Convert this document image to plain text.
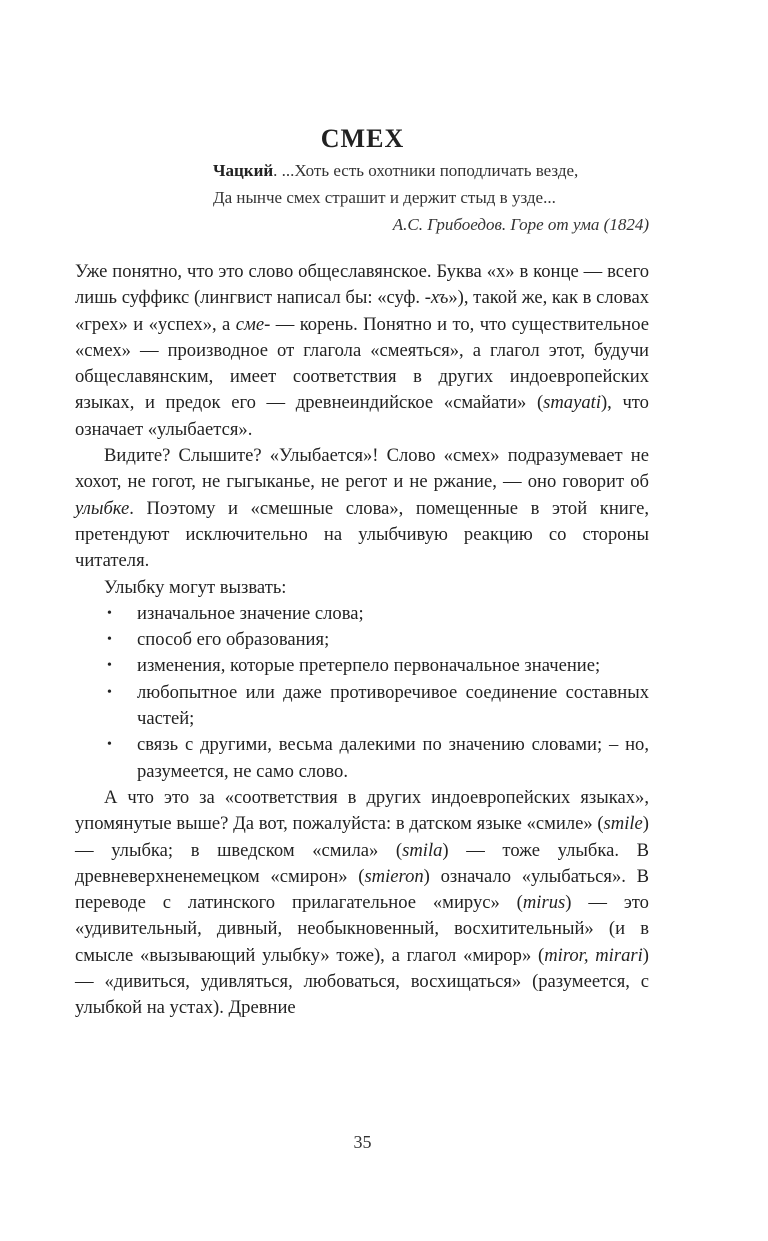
СМЕХ
Чацкий. ...Хоть есть охотники поподличать везде,
Да нынче смех страшит и держит стыд в узде...
А.С. Грибоедов. Горе от ума (1824)

Уже понятно, что это слово общеславянское. Буква «х» в конце — всего лишь суффикс (лингвист написал бы: «суф. -хъ»), такой же, как в словах «грех» и «успех», а сме- — корень. Понятно и то, что существительное «смех» — производное от глагола «смеяться», а глагол этот, будучи общеславянским, имеет соответствия в других индоевропейских языках, и предок его — древнеиндийское «смайати» (smayati), что означает «улыбается».

Видите? Слышите? «Улыбается»! Слово «смех» подразумевает не хохот, не гогот, не гыгыканье, не регот и не ржание, — оно говорит об улыбке. Поэтому и «смешные слова», помещенные в этой книге, претендуют исключительно на улыбчивую реакцию со стороны читателя.

Улыбку могут вызвать:

• изначальное значение слова;
• способ его образования;
• изменения, которые претерпело первоначальное значение;
• любопытное или даже противоречивое соединение составных частей;
• связь с другими, весьма далекими по значению словами; – но, разумеется, не само слово.

А что это за «соответствия в других индоевропейских языках», упомянутые выше? Да вот, пожалуйста: в датском языке «смиле» (smile) — улыбка; в шведском «смила» (smila) — тоже улыбка. В древневерхненемецком «смирон» (smieron) означало «улыбаться». В переводе с латинского прилагательное «мирус» (mirus) — это «удивительный, дивный, необыкновенный, восхитительный» (и в смысле «вызывающий улыбку» тоже), а глагол «мирор» (miror, mirari) — «дивиться, удивляться, любоваться, восхищаться» (разумеется, с улыбкой на устах). Древние

35
